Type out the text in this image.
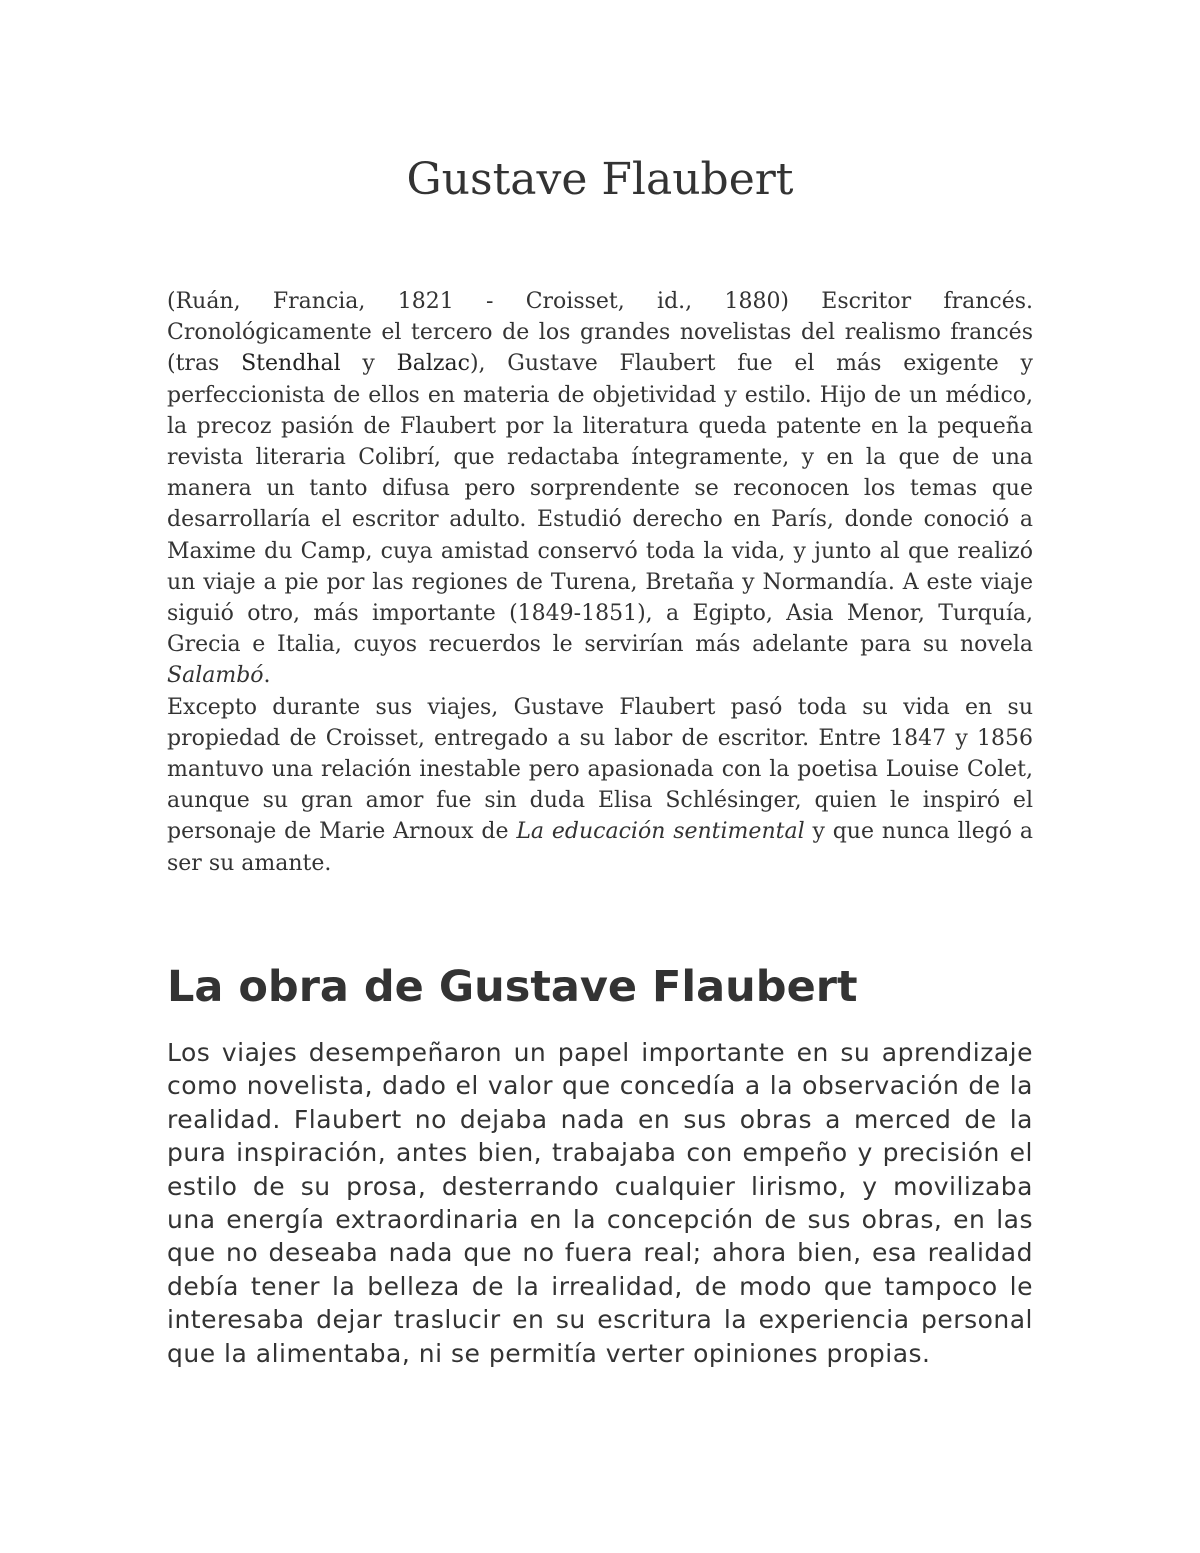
Gustave Flaubert

(Ruán, Francia, 1821 - Croisset, id., 1880) Escritor francés. Cronológicamente el tercero de los grandes novelistas del realismo francés (tras Stendhal y Balzac), Gustave Flaubert fue el más exigente y perfeccionista de ellos en materia de objetividad y estilo. Hijo de un médico, la precoz pasión de Flaubert por la literatura queda patente en la pequeña revista literaria Colibrí, que redactaba íntegramente, y en la que de una manera un tanto difusa pero sorprendente se reconocen los temas que desarrollaría el escritor adulto. Estudió derecho en París, donde conoció a Maxime du Camp, cuya amistad conservó toda la vida, y junto al que realizó un viaje a pie por las regiones de Turena, Bretaña y Normandía. A este viaje siguió otro, más importante (1849-1851), a Egipto, Asia Menor, Turquía, Grecia e Italia, cuyos recuerdos le servirían más adelante para su novela Salambó.

Excepto durante sus viajes, Gustave Flaubert pasó toda su vida en su propiedad de Croisset, entregado a su labor de escritor. Entre 1847 y 1856 mantuvo una relación inestable pero apasionada con la poetisa Louise Colet, aunque su gran amor fue sin duda Elisa Schlésinger, quien le inspiró el personaje de Marie Arnoux de La educación sentimental y que nunca llegó a ser su amante.

La obra de Gustave Flaubert

Los viajes desempeñaron un papel importante en su aprendizaje como novelista, dado el valor que concedía a la observación de la realidad. Flaubert no dejaba nada en sus obras a merced de la pura inspiración, antes bien, trabajaba con empeño y precisión el estilo de su prosa, desterrando cualquier lirismo, y movilizaba una energía extraordinaria en la concepción de sus obras, en las que no deseaba nada que no fuera real; ahora bien, esa realidad debía tener la belleza de la irrealidad, de modo que tampoco le interesaba dejar traslucir en su escritura la experiencia personal que la alimentaba, ni se permitía verter opiniones propias.
